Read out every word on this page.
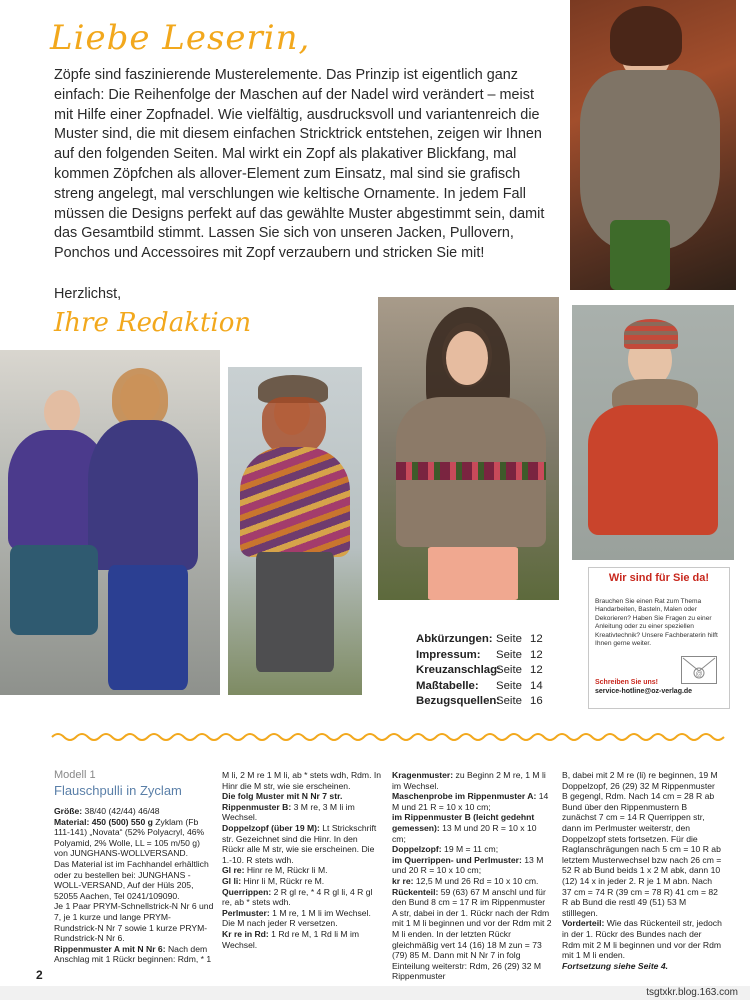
Liebe Leserin,
Zöpfe sind faszinierende Musterelemente. Das Prinzip ist eigentlich ganz einfach: Die Reihenfolge der Maschen auf der Nadel wird verändert – meist mit Hilfe einer Zopfnadel. Wie vielfältig, ausdrucksvoll und variantenreich die Muster sind, die mit diesem einfachen Stricktrick entstehen, zeigen wir Ihnen auf den folgenden Seiten. Mal wirkt ein Zopf als plakativer Blickfang, mal kommen Zöpfchen als allover-Element zum Einsatz, mal sind sie grafisch streng angelegt, mal verschlungen wie keltische Ornamente. In jedem Fall müssen die Designs perfekt auf das gewählte Muster abgestimmt sein, damit das Gesamtbild stimmt. Lassen Sie sich von unseren Jacken, Pullovern, Ponchos und Accessoires mit Zopf verzaubern und stricken Sie mit!
Herzlichst,
Ihre Redaktion
Wir sind für Sie da!
Brauchen Sie einen Rat zum Thema Handarbeiten, Basteln, Malen oder Dekorieren? Haben Sie Fragen zu einer Anleitung oder zu einer speziellen Kreativtechnik? Unsere Fachberaterin hilft Ihnen gerne weiter.
@
Schreiben Sie uns!
service-hotline@oz-verlag.de
Abkürzungen: Seite 12
Impressum:	Seite 12
Kreuzanschlag:
Seite 12
Maßtabelle:	Seite 14
Bezugsquellen:
Seite 16
Modell 1
Flauschpulli in Zyclam

Größe: 38/40 (42/44) 46/48

Material: 450 (500) 550 g Zyklam (Fb 111-141) „Novata“ (52% Polyacryl, 46% Polyamid, 2% Wolle, LL = 105 m/50 g) von JUNGHANS-WOLLVERSAND.

Das Material ist im Fachhandel erhältlich oder zu bestellen bei: JUNGHANS -WOLL-VERSAND, Auf der Hüls 205, 52055 Aachen, Tel 0241/109090.

Je 1 Paar PRYM-Schnellstrick-N Nr 6 und 7, je 1 kurze und lange PRYM-Rundstrick-N Nr 7 sowie 1 kurze PRYM-Rundstrick-N Nr 6.

Rippenmuster A mit N Nr 6: Nach dem Anschlag mit 1 Rückr beginnen: Rdm, * 1

M li, 2 M re 1 M li, ab * stets wdh, Rdm. In Hinr die M str, wie sie erscheinen.

Die folg Muster mit N Nr 7 str.

Rippenmuster B: 3 M re, 3 M li im Wechsel.

Doppelzopf (über 19 M): Lt Strickschrift str. Gezeichnet sind die Hinr. In den Rückr alle M str, wie sie erscheinen. Die 1.-10. R stets wdh.

Gl re: Hinr re M, Rückr li M.

Gl li: Hinr li M, Rückr re M.

Querrippen: 2 R gl re, * 4 R gl li, 4 R gl re, ab * stets wdh.

Perlmuster: 1 M re, 1 M li im Wechsel. Die M nach jeder R versetzen.

Kr re in Rd: 1 Rd re M, 1 Rd li M im Wechsel.

Kragenmuster: zu Beginn 2 M re, 1 M li im Wechsel.

Maschenprobe im Rippenmuster A: 14 M und 21 R = 10 x 10 cm;

im Rippenmuster B (leicht gedehnt gemessen): 13 M und 20 R = 10 x 10 cm;

Doppelzopf: 19 M = 11 cm;

im Querrippen- und Perlmuster: 13 M und 20 R = 10 x 10 cm;

kr re: 12,5 M und 26 Rd = 10 x 10 cm.

Rückenteil: 59 (63) 67 M anschl und für den Bund 8 cm = 17 R im Rippenmuster A str, dabei in der 1. Rückr nach der Rdm mit 1 M li beginnen und vor der Rdm mit 2 M li enden. In der letzten Rückr gleichmäßig vert 14 (16) 18 M zun = 73 (79) 85 M. Dann mit N Nr 7 in folg Einteilung weiterstr: Rdm, 26 (29) 32 M Rippenmuster

B, dabei mit 2 M re (li) re beginnen, 19 M Doppelzopf, 26 (29) 32 M Rippenmuster B gegengl, Rdm. Nach 14 cm = 28 R ab Bund über den Rippenmustern B zunächst 7 cm = 14 R Querrippen str, dann im Perlmuster weiterstr, den Doppelzopf stets fortsetzen. Für die Raglanschrägungen nach 5 cm = 10 R ab letztem Musterwechsel bzw nach 26 cm = 52 R ab Bund beids 1 x 2 M abk, dann 10 (12) 14 x in jeder 2. R je 1 M abn. Nach 37 cm = 74 R (39 cm = 78 R) 41 cm = 82 R ab Bund die restl 49 (51) 53 M stilllegen.

Vorderteil: Wie das Rückenteil str, jedoch in der 1. Rückr des Bundes nach der Rdm mit 2 M li beginnen und vor der Rdm mit 1 M li enden.

Fortsetzung siehe Seite 4.

2
tsgtxkr.blog.163.com
